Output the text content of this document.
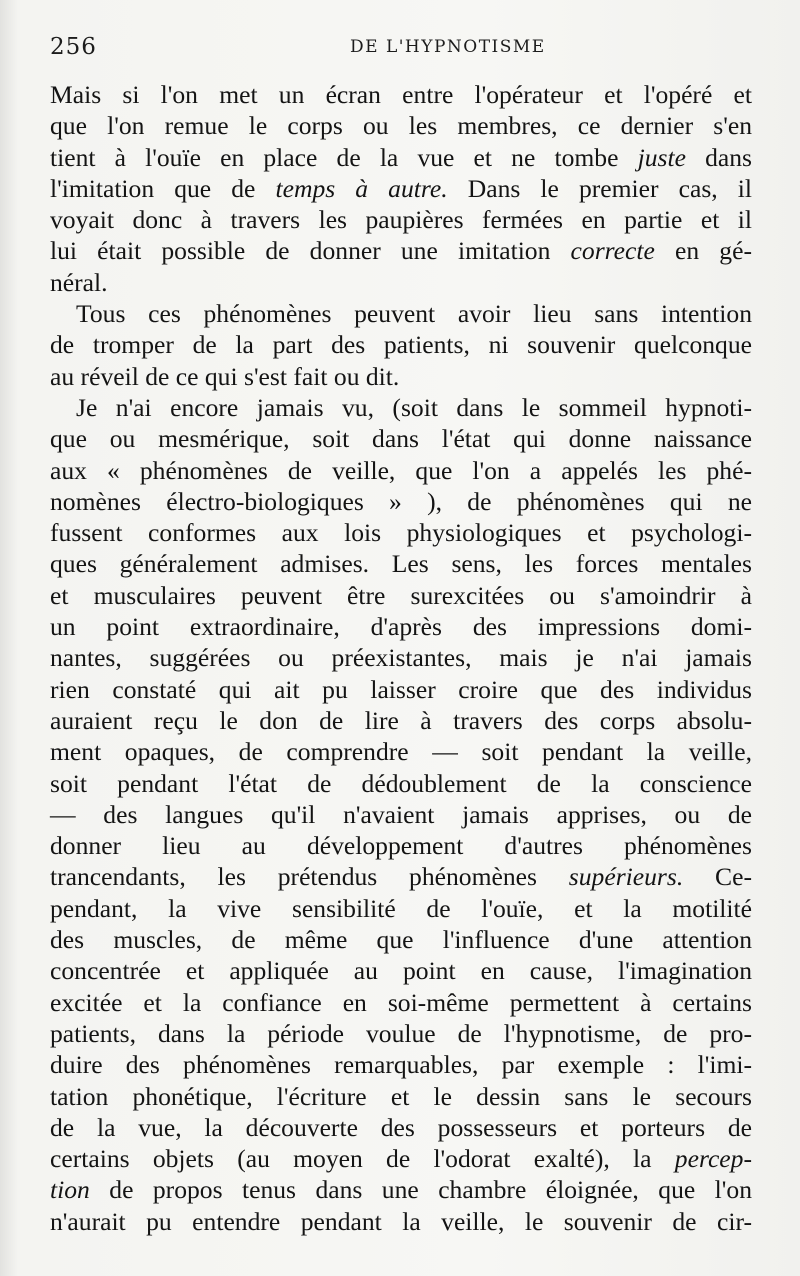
256	DE L'HYPNOTISME
Mais si l'on met un écran entre l'opérateur et l'opéré et
que l'on remue le corps ou les membres, ce dernier s'en
tient à l'ouïe en place de la vue et ne tombe juste dans
l'imitation que de temps à autre. Dans le premier cas, il
voyait donc à travers les paupières fermées en partie et il
lui était possible de donner une imitation correcte en gé-
néral.
Tous ces phénomènes peuvent avoir lieu sans intention
de tromper de la part des patients, ni souvenir quelconque
au réveil de ce qui s'est fait ou dit.
Je n'ai encore jamais vu, (soit dans le sommeil hypnoti-
que ou mesmérique, soit dans l'état qui donne naissance
aux « phénomènes de veille, que l'on a appelés les phé-
nomènes électro-biologiques » ), de phénomènes qui ne
fussent conformes aux lois physiologiques et psychologi-
ques généralement admises. Les sens, les forces mentales
et musculaires peuvent être surexcitées ou s'amoindrir à
un point extraordinaire, d'après des impressions domi-
nantes, suggérées ou préexistantes, mais je n'ai jamais
rien constaté qui ait pu laisser croire que des individus
auraient reçu le don de lire à travers des corps absolu-
ment opaques, de comprendre — soit pendant la veille,
soit pendant l'état de dédoublement de la conscience
— des langues qu'il n'avaient jamais apprises, ou de
donner lieu au développement d'autres phénomènes
trancendants, les prétendus phénomènes supérieurs. Ce-
pendant, la vive sensibilité de l'ouïe, et la motilité
des muscles, de même que l'influence d'une attention
concentrée et appliquée au point en cause, l'imagination
excitée et la confiance en soi-même permettent à certains
patients, dans la période voulue de l'hypnotisme, de pro-
duire des phénomènes remarquables, par exemple : l'imi-
tation phonétique, l'écriture et le dessin sans le secours
de la vue, la découverte des possesseurs et porteurs de
certains objets (au moyen de l'odorat exalté), la percep-
tion de propos tenus dans une chambre éloignée, que l'on
n'aurait pu entendre pendant la veille, le souvenir de cir-
